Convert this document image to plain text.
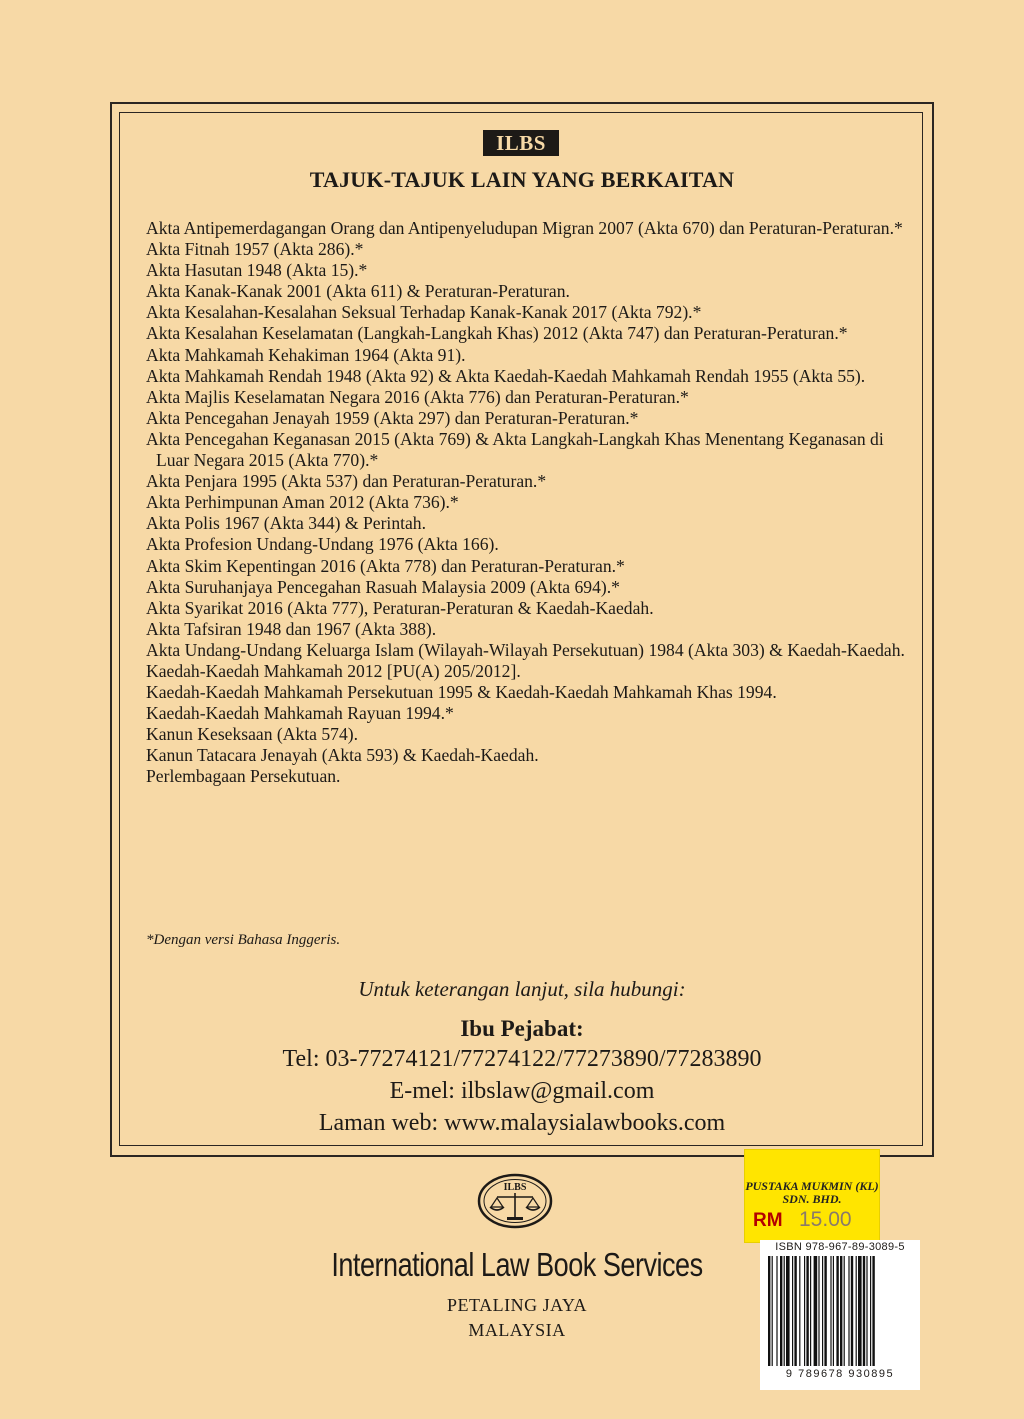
ILBS
TAJUK-TAJUK LAIN YANG BERKAITAN
Akta Antipemerdagangan Orang dan Antipenyeludupan Migran 2007 (Akta 670) dan Peraturan-Peraturan.*
Akta Fitnah 1957 (Akta 286).*
Akta Hasutan 1948 (Akta 15).*
Akta Kanak-Kanak 2001 (Akta 611) & Peraturan-Peraturan.
Akta Kesalahan-Kesalahan Seksual Terhadap Kanak-Kanak 2017 (Akta 792).*
Akta Kesalahan Keselamatan (Langkah-Langkah Khas) 2012 (Akta 747) dan Peraturan-Peraturan.*
Akta Mahkamah Kehakiman 1964 (Akta 91).
Akta Mahkamah Rendah 1948 (Akta 92) & Akta Kaedah-Kaedah Mahkamah Rendah 1955 (Akta 55).
Akta Majlis Keselamatan Negara 2016 (Akta 776) dan Peraturan-Peraturan.*
Akta Pencegahan Jenayah 1959 (Akta 297) dan Peraturan-Peraturan.*
Akta Pencegahan Keganasan 2015 (Akta 769) & Akta Langkah-Langkah Khas Menentang Keganasan di Luar Negara 2015 (Akta 770).*
Akta Penjara 1995 (Akta 537) dan Peraturan-Peraturan.*
Akta Perhimpunan Aman 2012 (Akta 736).*
Akta Polis 1967 (Akta 344) & Perintah.
Akta Profesion Undang-Undang 1976 (Akta 166).
Akta Skim Kepentingan 2016 (Akta 778) dan Peraturan-Peraturan.*
Akta Suruhanjaya Pencegahan Rasuah Malaysia 2009 (Akta 694).*
Akta Syarikat 2016 (Akta 777), Peraturan-Peraturan & Kaedah-Kaedah.
Akta Tafsiran 1948 dan 1967 (Akta 388).
Akta Undang-Undang Keluarga Islam (Wilayah-Wilayah Persekutuan) 1984 (Akta 303) & Kaedah-Kaedah.
Kaedah-Kaedah Mahkamah 2012 [PU(A) 205/2012].
Kaedah-Kaedah Mahkamah Persekutuan 1995 & Kaedah-Kaedah Mahkamah Khas 1994.
Kaedah-Kaedah Mahkamah Rayuan 1994.*
Kanun Keseksaan (Akta 574).
Kanun Tatacara Jenayah (Akta 593) & Kaedah-Kaedah.
Perlembagaan Persekutuan.
*Dengan versi Bahasa Inggeris.
Untuk keterangan lanjut, sila hubungi:
Ibu Pejabat:
Tel: 03-77274121/77274122/77273890/77283890
E-mel: ilbslaw@gmail.com
Laman web: www.malaysialawbooks.com
ILBS
International Law Book Services
PETALING JAYA
MALAYSIA
PUSTAKA MUKMIN (KL)
SDN. BHD.
RM 15.00
ISBN 978-967-89-3089-5
9 789678 930895
